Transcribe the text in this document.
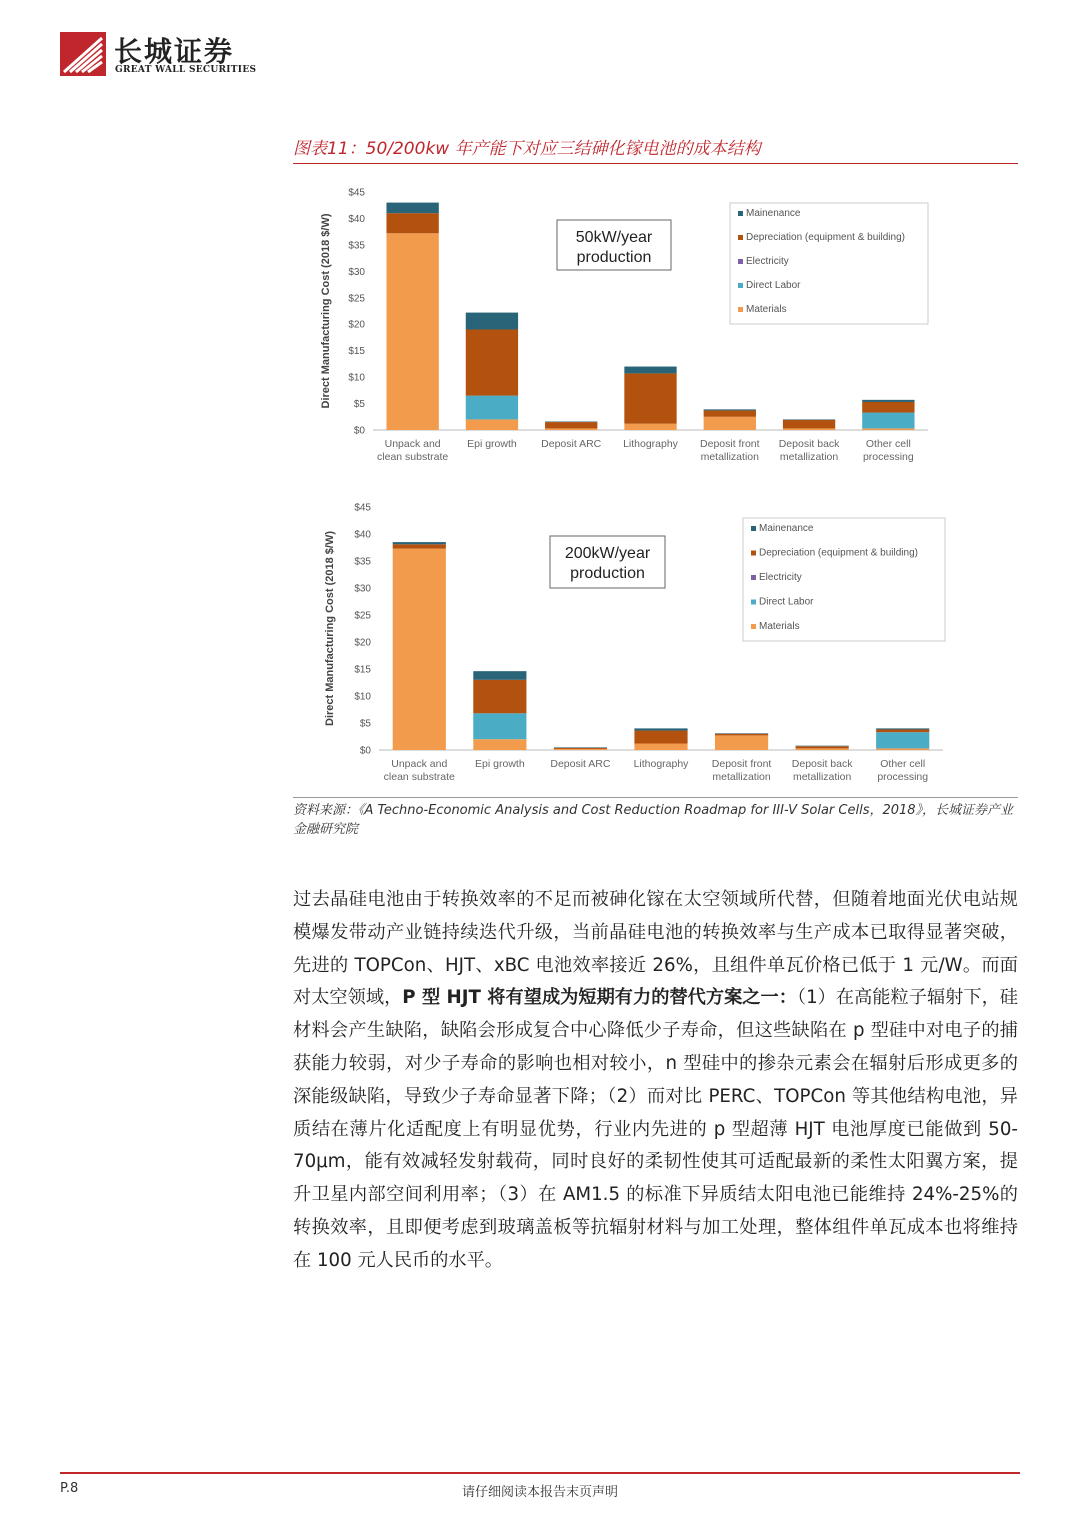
长城证券
GREAT WALL SECURITIES
图表11：50/200kw 年产能下对应三结砷化镓电池的成本结构
$0
$5
$10
$15
$20
$25
$30
$35
$40
$45
Direct Manufacturing Cost (2018 $/W)
Unpack and
clean substrate
Epi growth Deposit ARC Lithography Deposit front
metallization
Deposit back
metallization
Other cell
processing
50kW/year
production
Mainenance
Depreciation (equipment & building)
Electricity
Direct Labor
Materials
$0
$5
$10
$15
$20
$25
$30
$35
$40
$45
Direct Manufacturing Cost (2018 $/W)
Unpack and
clean substrate
Epi growth Deposit ARC Lithography Deposit front
metallization
Deposit back
metallization
Other cell
processing
200kW/year
production
Mainenance
Depreciation (equipment & building)
Electricity
Direct Labor
Materials
资料来源：《A Techno-Economic Analysis and Cost Reduction Roadmap for III-V Solar Cells，2018》，长城证券产业金融研究院
过去晶硅电池由于转换效率的不足而被砷化镓在太空领域所代替，但随着地面光伏电站规模爆发带动产业链持续迭代升级，当前晶硅电池的转换效率与生产成本已取得显著突破，先进的 TOPCon、HJT、xBC 电池效率接近 26%，且组件单瓦价格已低于 1 元/W。而面对太空领域，P 型 HJT 将有望成为短期有力的替代方案之一：（1）在高能粒子辐射下，硅材料会产生缺陷，缺陷会形成复合中心降低少子寿命，但这些缺陷在 p 型硅中对电子的捕获能力较弱，对少子寿命的影响也相对较小，n 型硅中的掺杂元素会在辐射后形成更多的深能级缺陷，导致少子寿命显著下降；（2）而对比 PERC、TOPCon 等其他结构电池，异质结在薄片化适配度上有明显优势，行业内先进的 p 型超薄 HJT 电池厚度已能做到 50-70μm，能有效减轻发射载荷，同时良好的柔韧性使其可适配最新的柔性太阳翼方案，提升卫星内部空间利用率；（3）在 AM1.5 的标准下异质结太阳电池已能维持 24%-25%的转换效率，且即便考虑到玻璃盖板等抗辐射材料与加工处理，整体组件单瓦成本也将维持在 100 元人民币的水平。
请仔细阅读本报告末页声明
P.8
